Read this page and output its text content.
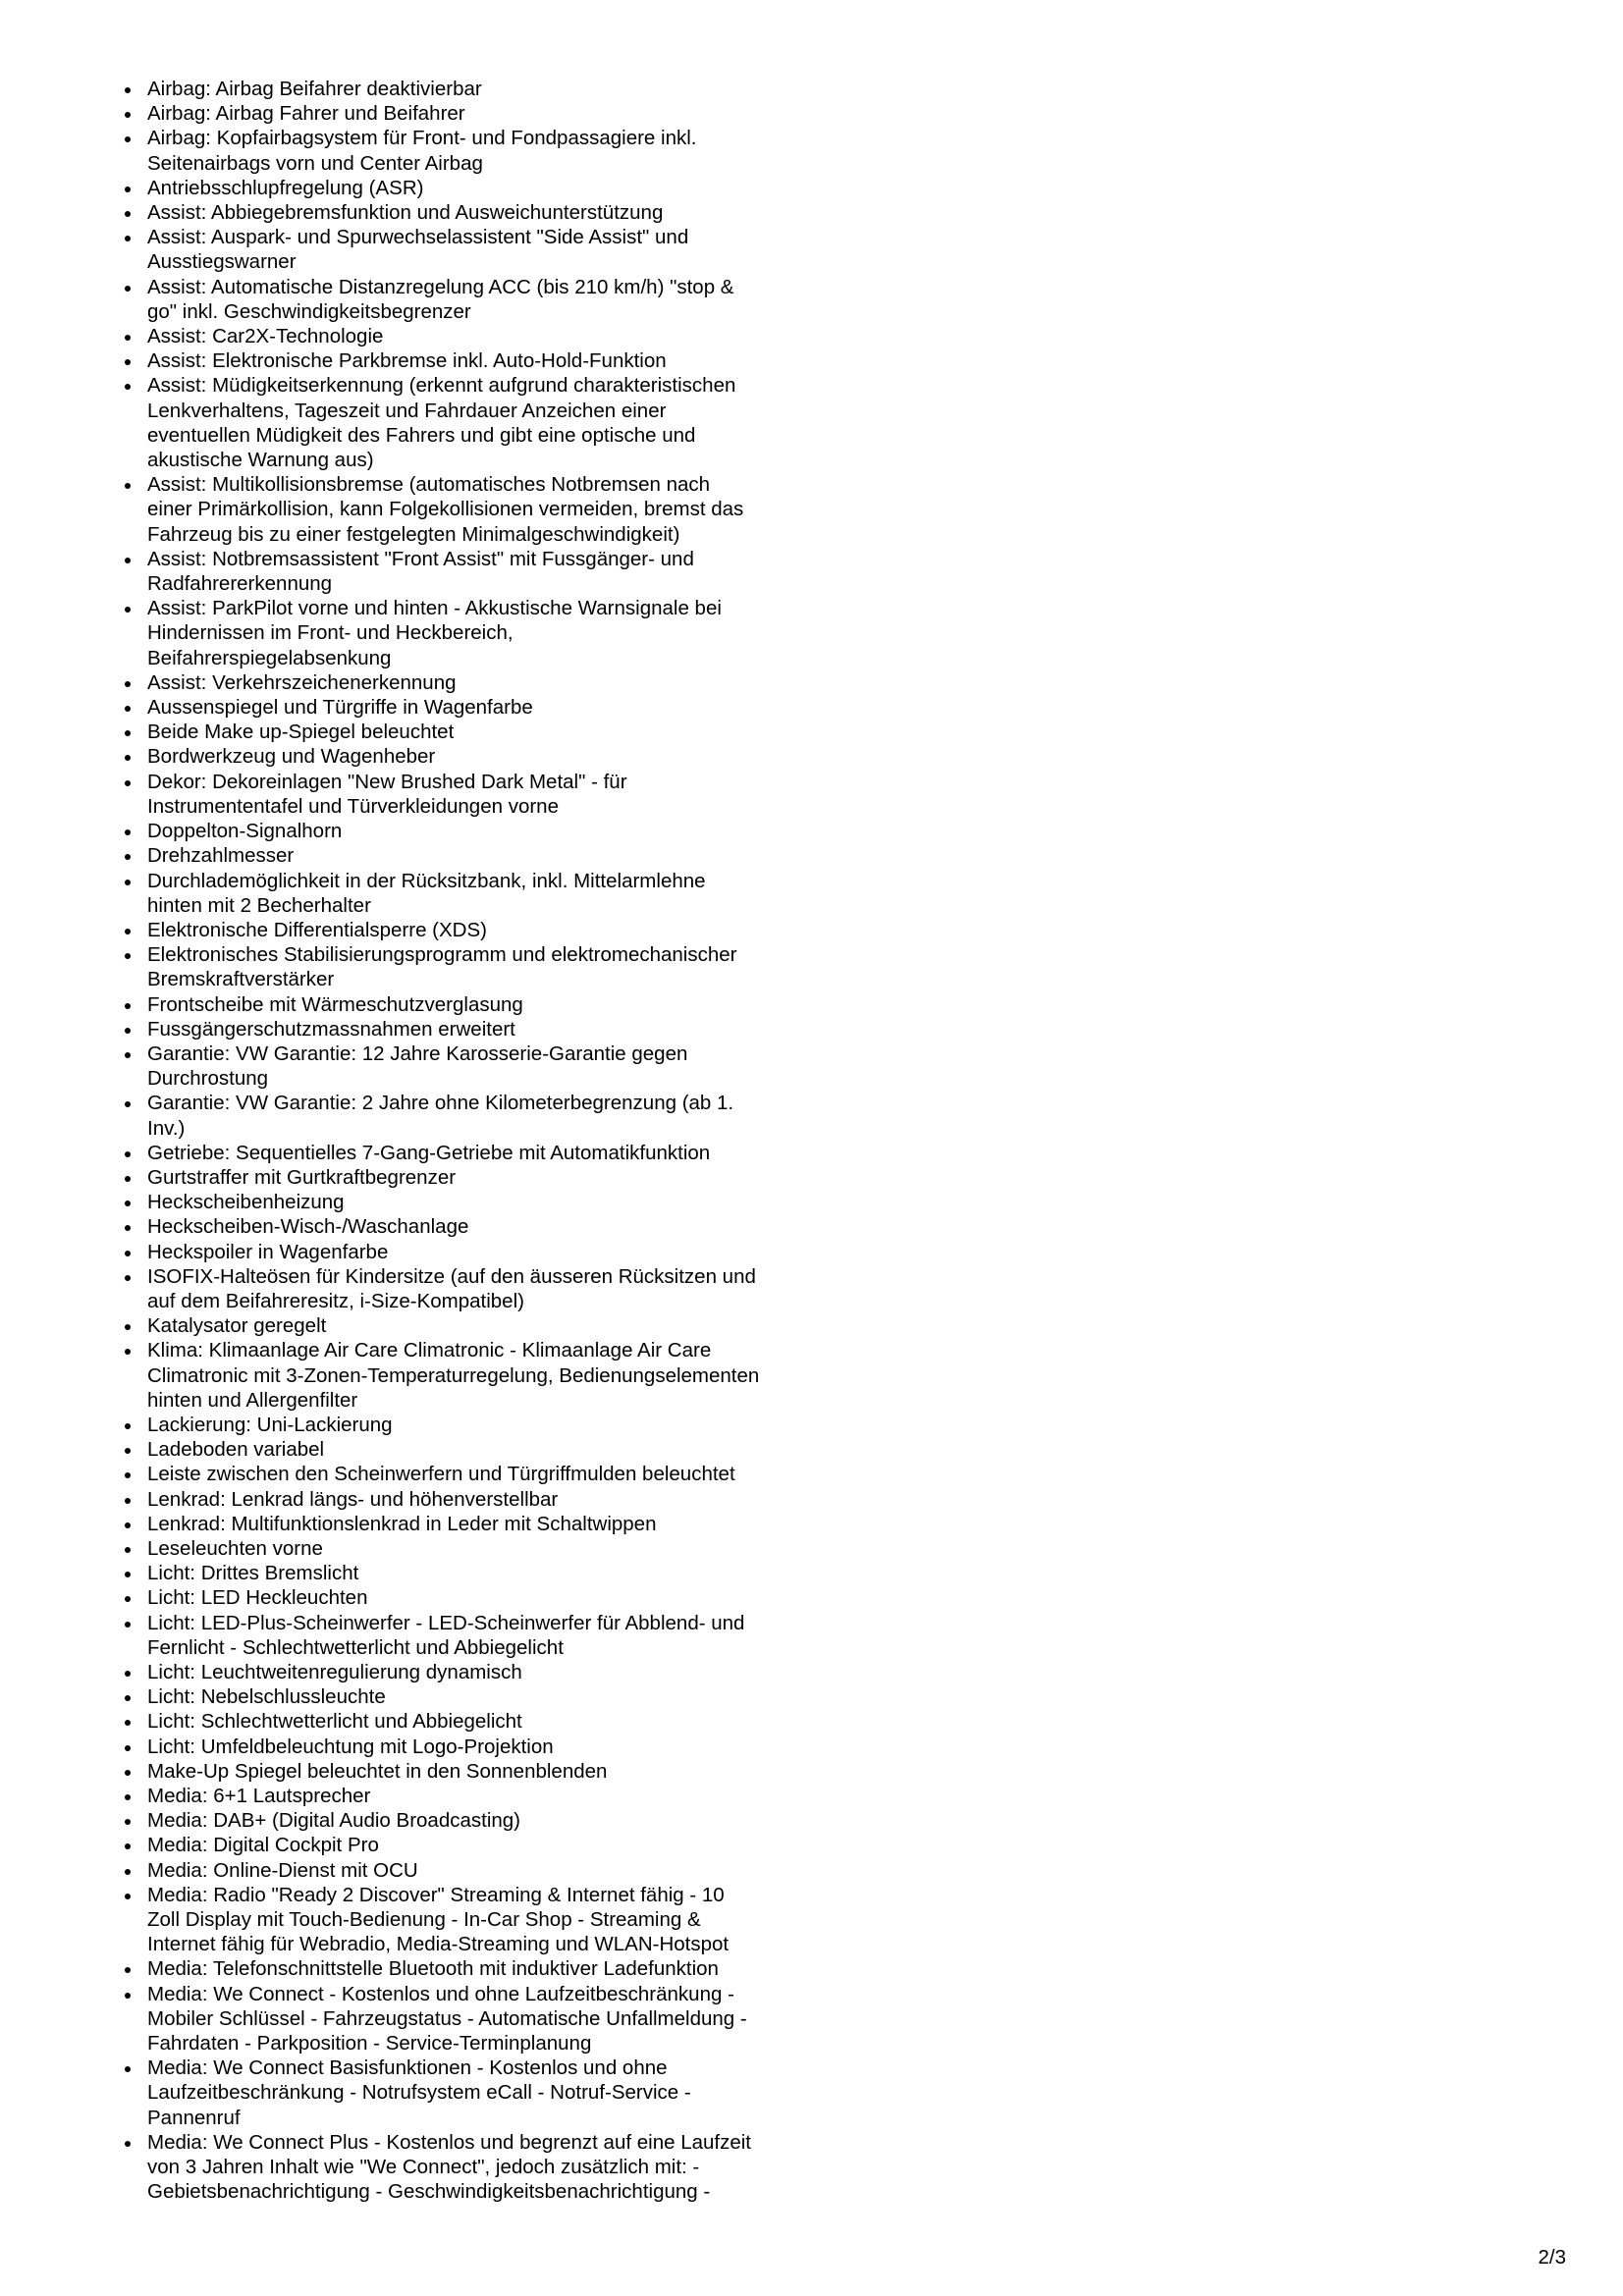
Airbag: Airbag Beifahrer deaktivierbar
Airbag: Airbag Fahrer und Beifahrer
Airbag: Kopfairbagsystem für Front- und Fondpassagiere inkl.
Seitenairbags vorn und Center Airbag
Antriebsschlupfregelung (ASR)
Assist: Abbiegebremsfunktion und Ausweichunterstützung
Assist: Auspark- und Spurwechselassistent "Side Assist" und
Ausstiegswarner
Assist: Automatische Distanzregelung ACC (bis 210 km/h) "stop &
go" inkl. Geschwindigkeitsbegrenzer
Assist: Car2X-Technologie
Assist: Elektronische Parkbremse inkl. Auto-Hold-Funktion
Assist: Müdigkeitserkennung (erkennt aufgrund charakteristischen
Lenkverhaltens, Tageszeit und Fahrdauer Anzeichen einer
eventuellen Müdigkeit des Fahrers und gibt eine optische und
akustische Warnung aus)
Assist: Multikollisionsbremse (automatisches Notbremsen nach
einer Primärkollision, kann Folgekollisionen vermeiden, bremst das
Fahrzeug bis zu einer festgelegten Minimalgeschwindigkeit)
Assist: Notbremsassistent "Front Assist" mit Fussgänger- und
Radfahrererkennung
Assist: ParkPilot vorne und hinten - Akkustische Warnsignale bei
Hindernissen im Front- und Heckbereich,
Beifahrerspiegelabsenkung
Assist: Verkehrszeichenerkennung
Aussenspiegel und Türgriffe in Wagenfarbe
Beide Make up-Spiegel beleuchtet
Bordwerkzeug und Wagenheber
Dekor: Dekoreinlagen "New Brushed Dark Metal" - für
Instrumententafel und Türverkleidungen vorne
Doppelton-Signalhorn
Drehzahlmesser
Durchlademöglichkeit in der Rücksitzbank, inkl. Mittelarmlehne
hinten mit 2 Becherhalter
Elektronische Differentialsperre (XDS)
Elektronisches Stabilisierungsprogramm und elektromechanischer
Bremskraftverstärker
Frontscheibe mit Wärmeschutzverglasung
Fussgängerschutzmassnahmen erweitert
Garantie: VW Garantie: 12 Jahre Karosserie-Garantie gegen
Durchrostung
Garantie: VW Garantie: 2 Jahre ohne Kilometerbegrenzung (ab 1.
Inv.)
Getriebe: Sequentielles 7-Gang-Getriebe mit Automatikfunktion
Gurtstraffer mit Gurtkraftbegrenzer
Heckscheibenheizung
Heckscheiben-Wisch-/Waschanlage
Heckspoiler in Wagenfarbe
ISOFIX-Halteösen für Kindersitze (auf den äusseren Rücksitzen und
auf dem Beifahreresitz, i-Size-Kompatibel)
Katalysator geregelt
Klima: Klimaanlage Air Care Climatronic - Klimaanlage Air Care
Climatronic mit 3-Zonen-Temperaturregelung, Bedienungselementen
hinten und Allergenfilter
Lackierung: Uni-Lackierung
Ladeboden variabel
Leiste zwischen den Scheinwerfern und Türgriffmulden beleuchtet
Lenkrad: Lenkrad längs- und höhenverstellbar
Lenkrad: Multifunktionslenkrad in Leder mit Schaltwippen
Leseleuchten vorne
Licht: Drittes Bremslicht
Licht: LED Heckleuchten
Licht: LED-Plus-Scheinwerfer - LED-Scheinwerfer für Abblend- und
Fernlicht - Schlechtwetterlicht und Abbiegelicht
Licht: Leuchtweitenregulierung dynamisch
Licht: Nebelschlussleuchte
Licht: Schlechtwetterlicht und Abbiegelicht
Licht: Umfeldbeleuchtung mit Logo-Projektion
Make-Up Spiegel beleuchtet in den Sonnenblenden
Media: 6+1 Lautsprecher
Media: DAB+ (Digital Audio Broadcasting)
Media: Digital Cockpit Pro
Media: Online-Dienst mit OCU
Media: Radio "Ready 2 Discover" Streaming & Internet fähig - 10
Zoll Display mit Touch-Bedienung - In-Car Shop - Streaming &
Internet fähig für Webradio, Media-Streaming und WLAN-Hotspot
Media: Telefonschnittstelle Bluetooth mit induktiver Ladefunktion
Media: We Connect - Kostenlos und ohne Laufzeitbeschränkung -
Mobiler Schlüssel - Fahrzeugstatus - Automatische Unfallmeldung -
Fahrdaten - Parkposition - Service-Terminplanung
Media: We Connect Basisfunktionen - Kostenlos und ohne
Laufzeitbeschränkung - Notrufsystem eCall - Notruf-Service -
Pannenruf
Media: We Connect Plus - Kostenlos und begrenzt auf eine Laufzeit
von 3 Jahren Inhalt wie "We Connect", jedoch zusätzlich mit: -
Gebietsbenachrichtigung - Geschwindigkeitsbenachrichtigung -
2/3
